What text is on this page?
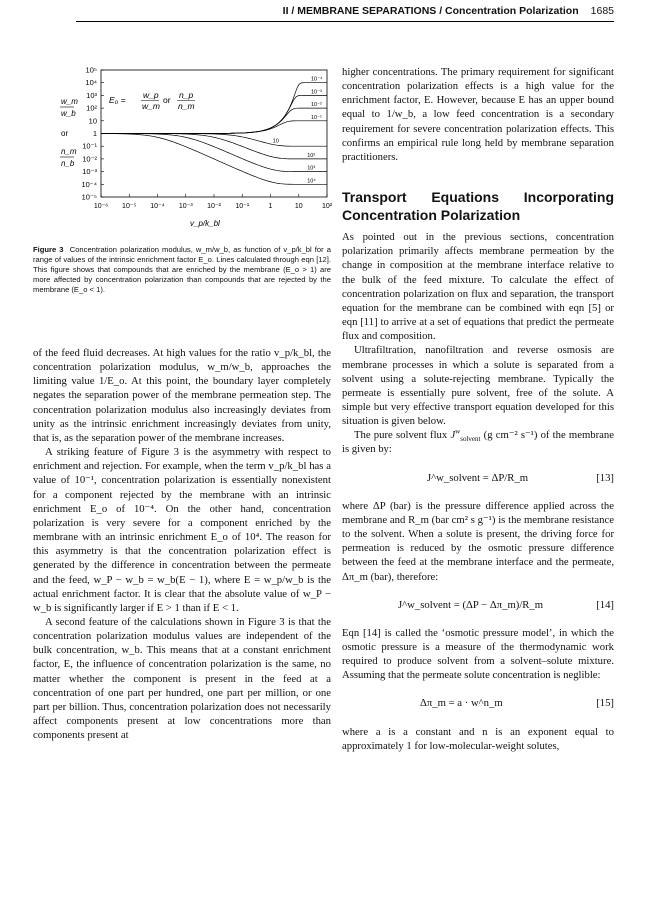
II / MEMBRANE SEPARATIONS / Concentration Polarization 1685
10⁵
10⁴
10³
10²
10
1
10⁻¹
10⁻²
10⁻³
10⁻⁴
10⁻⁵
10⁻⁶ 10⁻⁵ 10⁻⁴ 10⁻³ 10⁻² 10⁻¹	1	10	10²
10⁻⁴
10⁻³
10⁻²
10⁻¹
10
10²
10³
10⁴
w_m
w_b
or
n_m
n_b
E₀ = w_p
w_m
or n_p
n_m
v_p/k_bl
Figure 3 Concentration polarization modulus, w_m/w_b, as function of v_p/k_bl for a range of values of the intrinsic enrichment factor E_o. Lines calculated through eqn [12]. This figure shows that compounds that are enriched by the membrane (E_o > 1) are more affected by concentration polarization than compounds that are rejected by the membrane (E_o < 1).

of the feed fluid decreases. At high values for the ratio v_p/k_bl, the concentration polarization modulus, w_m/w_b, approaches the limiting value 1/E_o. At this point, the boundary layer completely negates the separation power of the membrane permeation step. The concentration polarization modulus also increasingly deviates from unity as the intrinsic enrichment increasingly deviates from unity, that is, as the separation power of the membrane increases.

A striking feature of Figure 3 is the asymmetry with respect to enrichment and rejection. For example, when the term v_p/k_bl has a value of 10⁻¹, concentration polarization is essentially nonexistent for a component rejected by the membrane with an intrinsic enrichment E_o of 10⁻⁴. On the other hand, concentration polarization is very severe for a component enriched by the membrane with an intrinsic enrichment E_o of 10⁴. The reason for this asymmetry is that the concentration polarization effect is generated by the difference in concentration between the permeate and the feed, w_P − w_b = w_b(E − 1), where E = w_p/w_b is the actual enrichment factor. It is clear that the absolute value of w_P − w_b is significantly larger if E > 1 than if E < 1.

A second feature of the calculations shown in Figure 3 is that the concentration polarization modulus values are independent of the bulk concentration, w_b. This means that at a constant enrichment factor, E, the influence of concentration polarization is the same, no matter whether the component is present in the feed at a concentration of one part per hundred, one part per million, or one part per billion. Thus, concentration polarization does not necessarily affect components present at low concentrations more than components present at

higher concentrations. The primary requirement for significant concentration polarization effects is a high value for the enrichment factor, E. However, because E has an upper bound equal to 1/w_b, a low feed concentration is a secondary requirement for severe concentration polarization effects. This confirms an empirical rule long held by membrane separation practitioners.

Transport Equations Incorporating Concentration Polarization

As pointed out in the previous sections, concentration polarization primarily affects membrane permeation by the change in composition at the membrane interface relative to the bulk of the feed mixture. To calculate the effect of concentration polarization on flux and separation, the transport equation for the membrane can be combined with eqn [5] or eqn [11] to arrive at a set of equations that predict the permeate flux and composition.

Ultrafiltration, nanofiltration and reverse osmosis are membrane processes in which a solute is separated from a solvent using a solute-rejecting membrane. Typically the permeate is essentially pure solvent, free of the solute. A simple but very effective transport equation developed for this situation is given below.

The pure solvent flux $J^w_{solvent}$ (g cm⁻² s⁻¹) of the membrane is given by:

J^w_solvent = ΔP/R_m	[13]

where ΔP (bar) is the pressure difference applied across the membrane and R_m (bar cm² s g⁻¹) is the membrane resistance to the solvent. When a solute is present, the driving force for permeation is reduced by the osmotic pressure difference between the feed at the membrane interface and the permeate, Δπ_m (bar), therefore:

J^w_solvent = (ΔP − Δπ_m)/R_m	[14]

Eqn [14] is called the ‘osmotic pressure model’, in which the osmotic pressure is a measure of the thermodynamic work required to produce solvent from a solvent–solute mixture. Assuming that the permeate solute concentration is neglible:

Δπ_m = a · w^n_m	[15]

where a is a constant and n is an exponent equal to approximately 1 for low-molecular-weight solutes,
